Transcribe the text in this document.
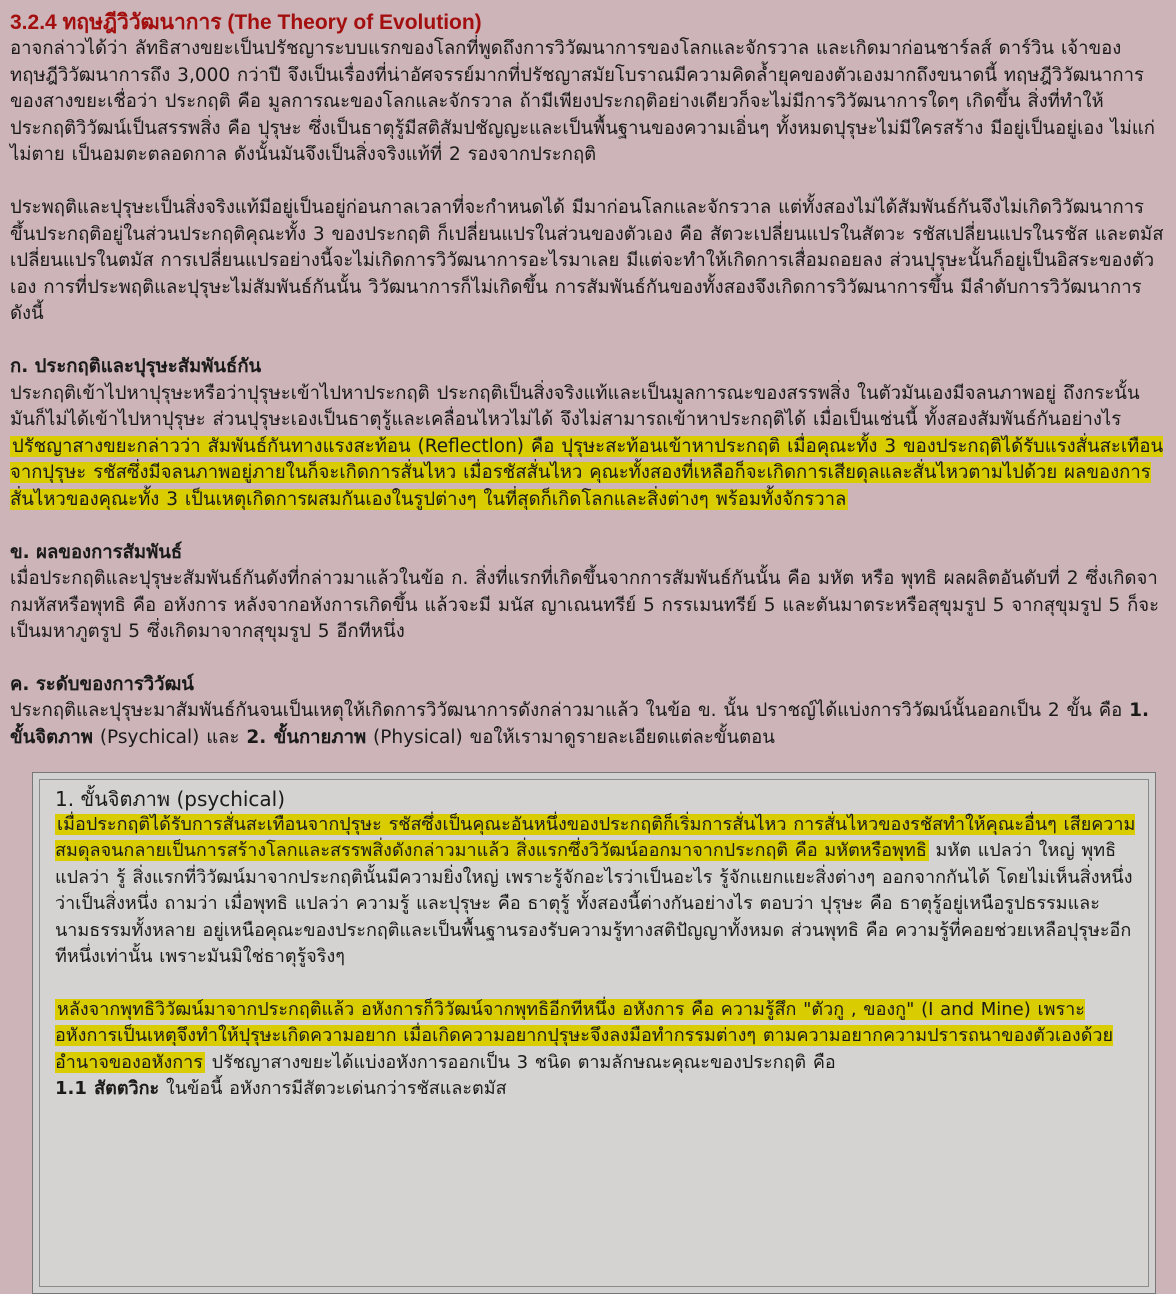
3.2.4 ทฤษฎีวิวัฒนาการ (The Theory of Evolution)

อาจกล่าวได้ว่า ลัทธิสางขยะเป็นปรัชญาระบบแรกของโลกที่พูดถึงการวิวัฒนาการของโลกและจักรวาล และเกิดมาก่อนชาร์ลส์ ดาร์วิน เจ้าของทฤษฎีวิวัฒนาการถึง 3,000 กว่าปี จึงเป็นเรื่องที่น่าอัศจรรย์มากที่ปรัชญาสมัยโบราณมีความคิดล้ำยุคของตัวเองมากถึงขนาดนี้ ทฤษฎีวิวัฒนาการของสางขยะเชื่อว่า ประกฤติ คือ มูลการณะของโลกและจักรวาล ถ้ามีเพียงประกฤติอย่างเดียวก็จะไม่มีการวิวัฒนาการใดๆ เกิดขึ้น สิ่งที่ทำให้ประกฤติวิวัฒน์เป็นสรรพสิ่ง คือ ปุรุษะ ซึ่งเป็นธาตุรู้มีสติสัมปชัญญะและเป็นพื้นฐานของความเอิ่นๆ ทั้งหมดปุรุษะไม่มีใครสร้าง มีอยู่เป็นอยู่เอง ไม่แก่ ไม่ตาย เป็นอมตะตลอดกาล ดังนั้นมันจึงเป็นสิ่งจริงแท้ที่ 2 รองจากประกฤติ

ประพฤติและปุรุษะเป็นสิ่งจริงแท้มีอยู่เป็นอยู่ก่อนกาลเวลาที่จะกำหนดได้ มีมาก่อนโลกและจักรวาล แต่ทั้งสองไม่ได้สัมพันธ์กันจึงไม่เกิดวิวัฒนาการขึ้นประกฤติอยู่ในส่วนประกฤติคุณะทั้ง 3 ของประกฤติ ก็เปลี่ยนแปรในส่วนของตัวเอง คือ สัตวะเปลี่ยนแปรในสัตวะ รชัสเปลี่ยนแปรในรชัส และตมัสเปลี่ยนแปรในตมัส การเปลี่ยนแปรอย่างนี้จะไม่เกิดการวิวัฒนาการอะไรมาเลย มีแต่จะทำให้เกิดการเสื่อมถอยลง ส่วนปุรุษะนั้นก็อยู่เป็นอิสระของตัวเอง การที่ประพฤติและปุรุษะไม่สัมพันธ์กันนั้น วิวัฒนาการก็ไม่เกิดขึ้น การสัมพันธ์กันของทั้งสองจึงเกิดการวิวัฒนาการขึ้น มีลำดับการวิวัฒนาการดังนี้

ก. ประกฤติและปุรุษะสัมพันธ์กัน

ประกฤติเข้าไปหาปุรุษะหรือว่าปุรุษะเข้าไปหาประกฤติ ประกฤติเป็นสิ่งจริงแท้และเป็นมูลการณะของสรรพสิ่ง ในตัวมันเองมีจลนภาพอยู่ ถึงกระนั้นมันก็ไม่ได้เข้าไปหาปุรุษะ ส่วนปุรุษะเองเป็นธาตุรู้และเคลื่อนไหวไม่ได้ จึงไม่สามารถเข้าหาประกฤติได้ เมื่อเป็นเช่นนี้ ทั้งสองสัมพันธ์กันอย่างไร ปรัชญาสางขยะกล่าวว่า สัมพันธ์กันทางแรงสะท้อน (Reflectlon) คือ ปุรุษะสะท้อนเข้าหาประกฤติ เมื่อคุณะทั้ง 3 ของประกฤติได้รับแรงสั่นสะเทือนจากปุรุษะ รชัสซึ่งมีจลนภาพอยู่ภายในก็จะเกิดการสั่นไหว เมื่อรชัสสั่นไหว คุณะทั้งสองที่เหลือก็จะเกิดการเสียดุลและสั่นไหวตามไปด้วย ผลของการสั่นไหวของคุณะทั้ง 3 เป็นเหตุเกิดการผสมกันเองในรูปต่างๆ ในที่สุดก็เกิดโลกและสิ่งต่างๆ พร้อมทั้งจักรวาล

ข. ผลของการสัมพันธ์

เมื่อประกฤติและปุรุษะสัมพันธ์กันดังที่กล่าวมาแล้วในข้อ ก. สิ่งที่แรกที่เกิดขึ้นจากการสัมพันธ์กันนั้น คือ มหัต หรือ พุทธิ ผลผลิตอันดับที่ 2 ซึ่งเกิดจากมหัสหรือพุทธิ คือ อหังการ หลังจากอหังการเกิดขึ้น แล้วจะมี มนัส ญาเณนทรีย์ 5 กรรเมนทรีย์ 5 และตันมาตระหรือสุขุมรูป 5 จากสุขุมรูป 5 ก็จะเป็นมหาภูตรูป 5 ซึ่งเกิดมาจากสุขุมรูป 5 อีกทีหนึ่ง

ค. ระดับของการวิวัฒน์

ประกฤติและปุรุษะมาสัมพันธ์กันจนเป็นเหตุให้เกิดการวิวัฒนาการดังกล่าวมาแล้ว ในข้อ ข. นั้น ปราชญ์ได้แบ่งการวิวัฒน์นั้นออกเป็น 2 ขั้น คือ 1. ขั้นจิตภาพ (Psychical) และ 2. ขั้นกายภาพ (Physical) ขอให้เรามาดูรายละเอียดแต่ละขั้นตอน

1. ขั้นจิตภาพ (psychical)

เมื่อประกฤติได้รับการสั่นสะเทือนจากปุรุษะ รชัสซึ่งเป็นคุณะอันหนึ่งของประกฤติก็เริ่มการสั่นไหว การสั่นไหวของรชัสทำให้คุณะอื่นๆ เสียความสมดุลจนกลายเป็นการสร้างโลกและสรรพสิ่งดังกล่าวมาแล้ว สิ่งแรกซึ่งวิวัฒน์ออกมาจากประกฤติ คือ มหัตหรือพุทธิ มหัต แปลว่า ใหญ่ พุทธิ แปลว่า รู้ สิ่งแรกที่วิวัฒน์มาจากประกฤตินั้นมีความยิ่งใหญ่ เพราะรู้จักอะไรว่าเป็นอะไร รู้จักแยกแยะสิ่งต่างๆ ออกจากกันได้ โดยไม่เห็นสิ่งหนึ่งว่าเป็นสิ่งหนึ่ง ถามว่า เมื่อพุทธิ แปลว่า ความรู้ และปุรุษะ คือ ธาตุรู้ ทั้งสองนี้ต่างกันอย่างไร ตอบว่า ปุรุษะ คือ ธาตุรู้อยู่เหนือรูปธรรมและนามธรรมทั้งหลาย อยู่เหนือคุณะของประกฤติและเป็นพื้นฐานรองรับความรู้ทางสติปัญญาทั้งหมด ส่วนพุทธิ คือ ความรู้ที่คอยช่วยเหลือปุรุษะอีกทีหนึ่งเท่านั้น เพราะมันมิใช่ธาตุรู้จริงๆ

หลังจากพุทธิวิวัฒน์มาจากประกฤติแล้ว อหังการก็วิวัฒน์จากพุทธิอีกทีหนึ่ง อหังการ คือ ความรู้สึก "ตัวกู , ของกู" (I and Mine) เพราะอหังการเป็นเหตุจึงทำให้ปุรุษะเกิดความอยาก เมื่อเกิดความอยากปุรุษะจึงลงมือทำกรรมต่างๆ ตามความอยากความปรารถนาของตัวเองด้วยอำนาจของอหังการ ปรัชญาสางขยะได้แบ่งอหังการออกเป็น 3 ชนิด ตามลักษณะคุณะของประกฤติ คือ

1.1 สัตตวิกะ ในข้อนี้ อหังการมีสัตวะเด่นกว่ารชัสและตมัส
